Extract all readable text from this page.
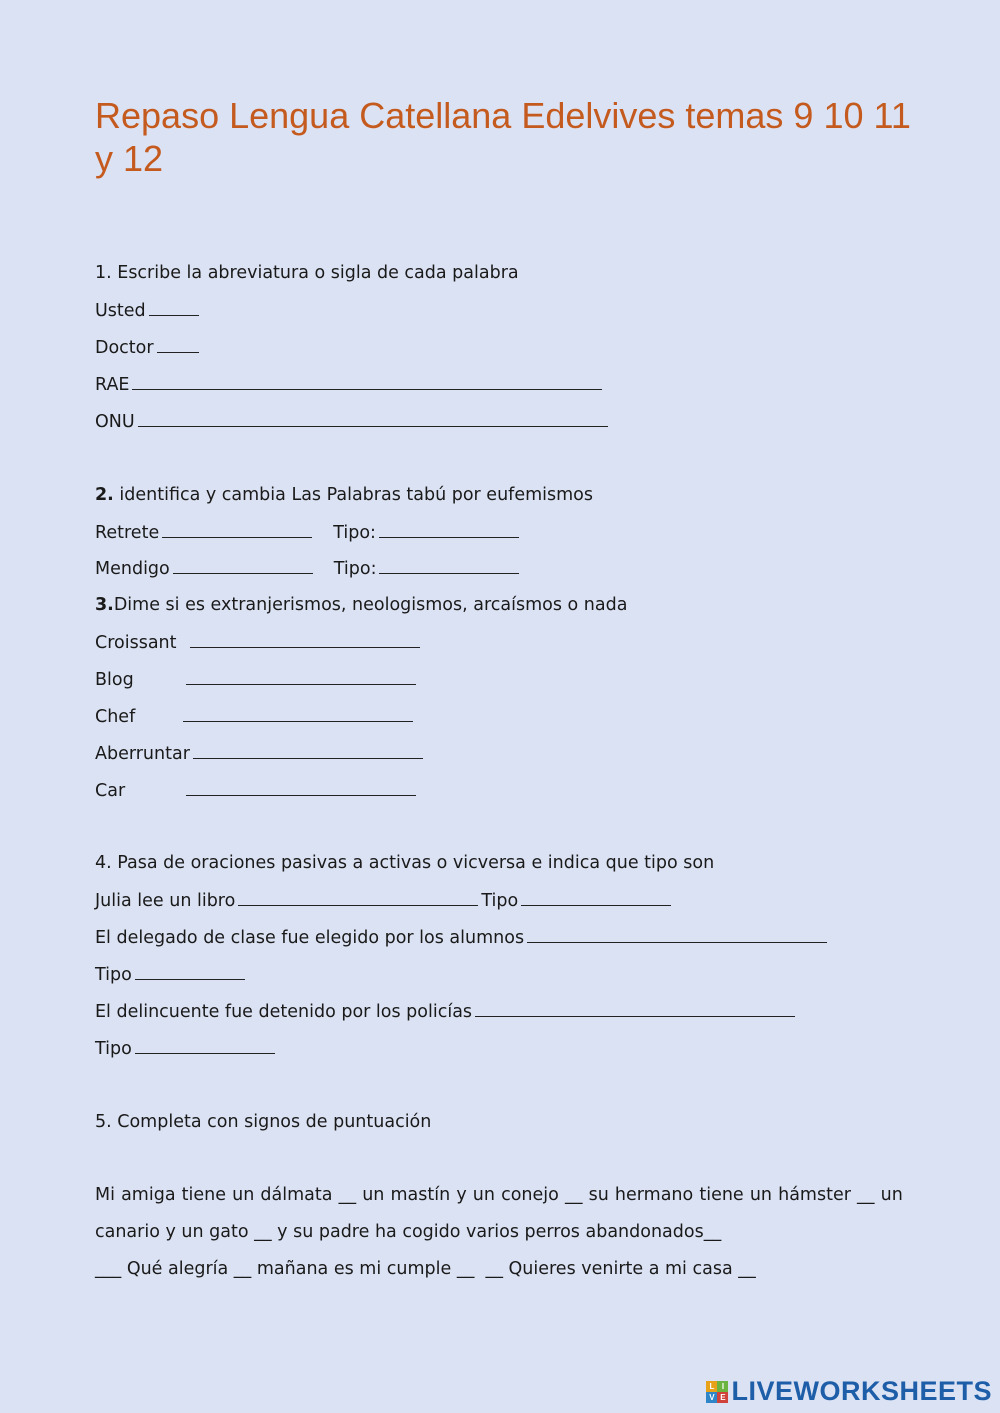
Repaso Lengua Catellana Edelvives temas 9 10 11 y 12
1. Escribe la abreviatura o sigla de cada palabra
Usted
Doctor
RAE
ONU
2. identifica y cambia Las Palabras tabú por eufemismos
Retrete	Tipo:
Mendigo	Tipo:
3.Dime si es extranjerismos, neologismos, arcaísmos o nada
Croissant
Blog
Chef
Aberruntar
Car
4. Pasa de oraciones pasivas a activas o vicversa e indica que tipo son
Julia lee un libro	Tipo
El delegado de clase fue elegido por los alumnos
Tipo
El delincuente fue detenido por los policías
Tipo
5. Completa con signos de puntuación
Mi amiga tiene un dálmata __ un mastín y un conejo __ su hermano tiene un hámster __ un
canario y un gato __ y su padre ha cogido varios perros abandonados__
___ Qué alegría __ mañana es mi cumple __  __ Quieres venirte a mi casa __
L I
V E LIVEWORKSHEETS
